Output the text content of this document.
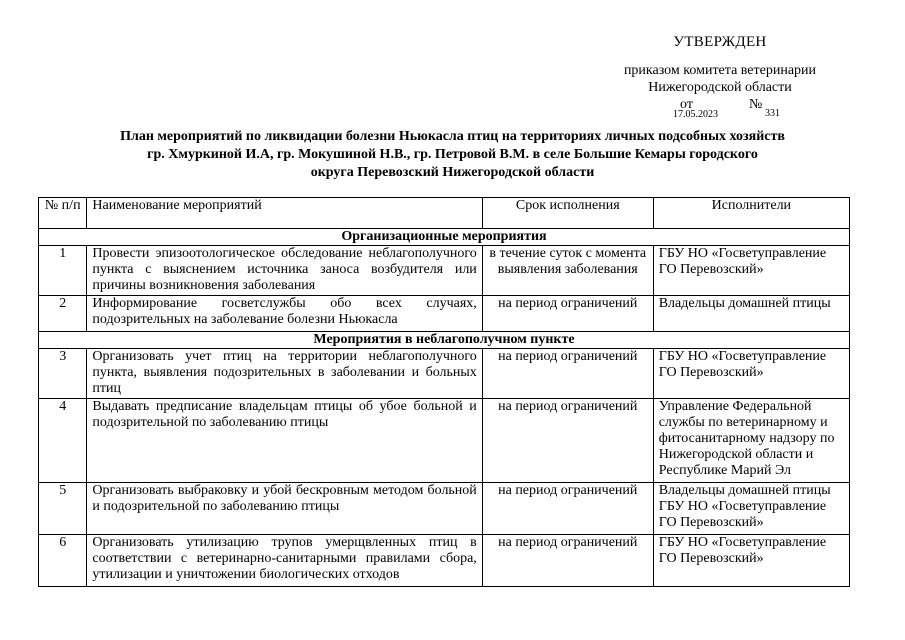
УТВЕРЖДЕН
приказом комитета ветеринарии
Нижегородской области
от
17.05.2023
№
331
План мероприятий по ликвидации болезни Ньюкасла птиц на территориях личных подсобных хозяйств
гр. Хмуркиной И.А, гр. Мокушиной Н.В., гр. Петровой В.М. в селе Большие Кемары городского
округа Перевозский Нижегородской области
№ п/п	Наименование мероприятий	Срок исполнения	Исполнители
Организационные мероприятия			
1	Провести эпизоотологическое обследование неблагополучного пункта с выяснением источника заноса возбудителя или причины возникновения заболевания	в течение суток с момента выявления заболевания	ГБУ НО «Госветуправление ГО Перевозский»
2	Информирование госветслужбы обо всех случаях, подозрительных на заболевание болезни Ньюкасла	на период ограничений	Владельцы домашней птицы
Мероприятия в неблагополучном пункте			
3	Организовать учет птиц на территории неблагополучного пункта, выявления подозрительных в заболевании и больных птиц	на период ограничений	ГБУ НО «Госветуправление ГО Перевозский»
4	Выдавать предписание владельцам птицы об убое больной и подозрительной по заболеванию птицы	на период ограничений	Управление Федеральной службы по ветеринарному и фитосанитарному надзору по Нижегородской области и Республике Марий Эл
5	Организовать выбраковку и убой бескровным методом больной и подозрительной по заболеванию птицы	на период ограничений	Владельцы домашней птицы ГБУ НО «Госветуправление ГО Перевозский»
6	Организовать утилизацию трупов умерщвленных птиц в соответствии с ветеринарно-санитарными правилами сбора, утилизации и уничтожении биологических отходов	на период ограничений	ГБУ НО «Госветуправление ГО Перевозский»
